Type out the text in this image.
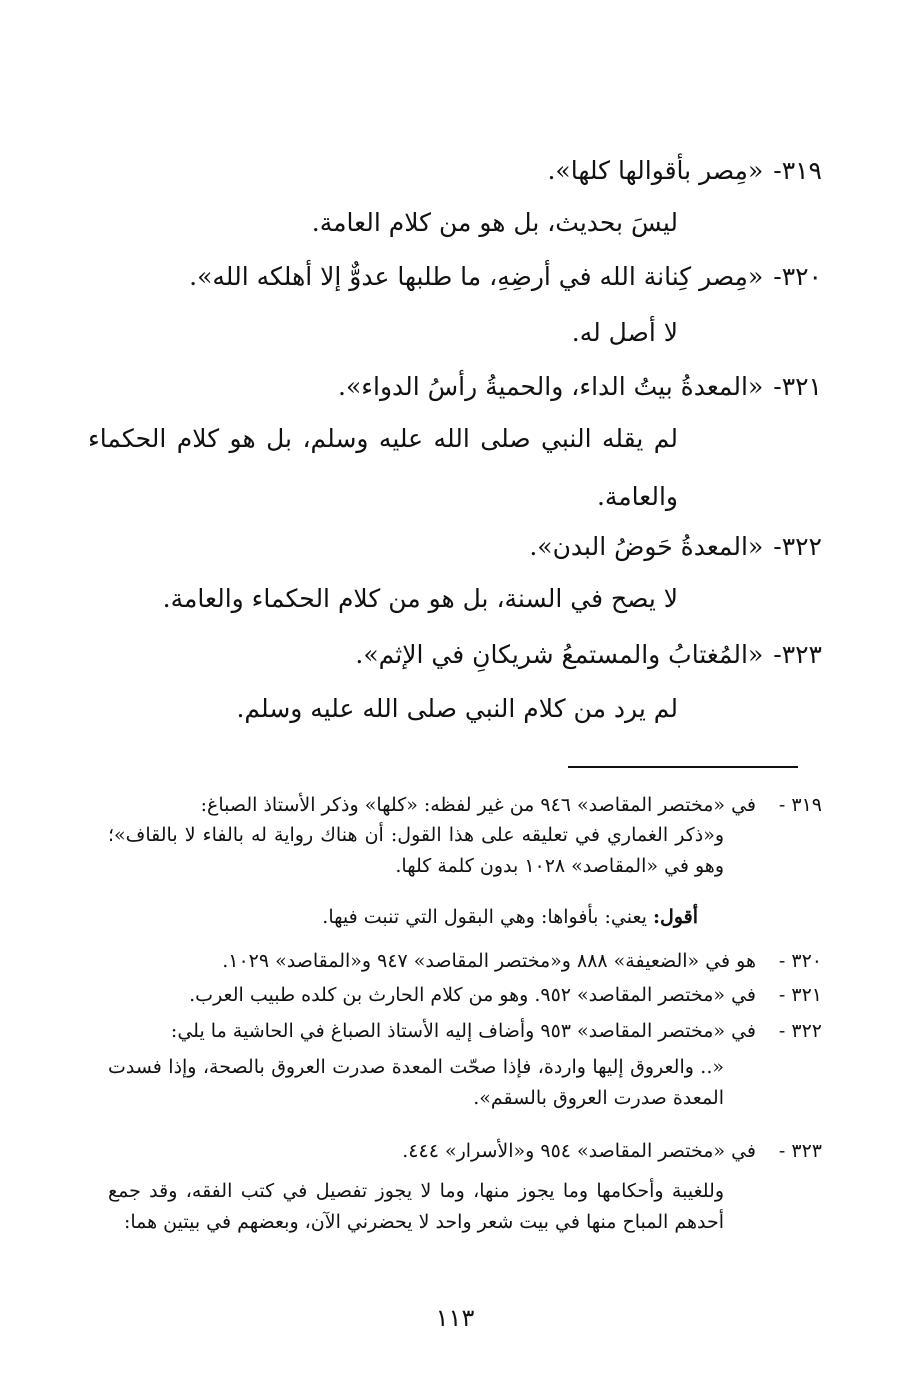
٣١٩-«مِصر بأقوالها كلها».
ليسَ بحديث، بل هو من كلام العامة.
٣٢٠-«مِصر كِنانة الله في أرضِهِ، ما طلبها عدوٌّ إلا أهلكه الله».
لا أصل له.
٣٢١-«المعدةُ بيتُ الداء، والحميةُ رأسُ الدواء».
لم يقله النبي صلى الله عليه وسلم، بل هو كلام الحكماء والعامة.
٣٢٢-«المعدةُ حَوضُ البدن».
لا يصح في السنة، بل هو من كلام الحكماء والعامة.
٣٢٣-«المُغتابُ والمستمعُ شريكانِ في الإثم».
لم يرد من كلام النبي صلى الله عليه وسلم.
٣١٩ -في «مختصر المقاصد» ٩٤٦ من غير لفظه: «كلها» وذكر الأستاذ الصباغ:
و«ذكر الغماري في تعليقه على هذا القول: أن هناك رواية له بالفاء لا بالقاف»؛ وهو في «المقاصد» ١٠٢٨ بدون كلمة كلها.
أقول: يعني: بأفواها: وهي البقول التي تنبت فيها.
٣٢٠ -هو في «الضعيفة» ٨٨٨ و«مختصر المقاصد» ٩٤٧ و«المقاصد» ١٠٢٩.
٣٢١ -في «مختصر المقاصد» ٩٥٢. وهو من كلام الحارث بن كلده طبيب العرب.
٣٢٢ -في «مختصر المقاصد» ٩٥٣ وأضاف إليه الأستاذ الصباغ في الحاشية ما يلي:
«.. والعروق إليها واردة، فإذا صحّت المعدة صدرت العروق بالصحة، وإذا فسدت المعدة صدرت العروق بالسقم».
٣٢٣ -في «مختصر المقاصد» ٩٥٤ و«الأسرار» ٤٤٤.
وللغيبة وأحكامها وما يجوز منها، وما لا يجوز تفصيل في كتب الفقه، وقد جمع أحدهم المباح منها في بيت شعر واحد لا يحضرني الآن، وبعضهم في بيتين هما:
١١٣
